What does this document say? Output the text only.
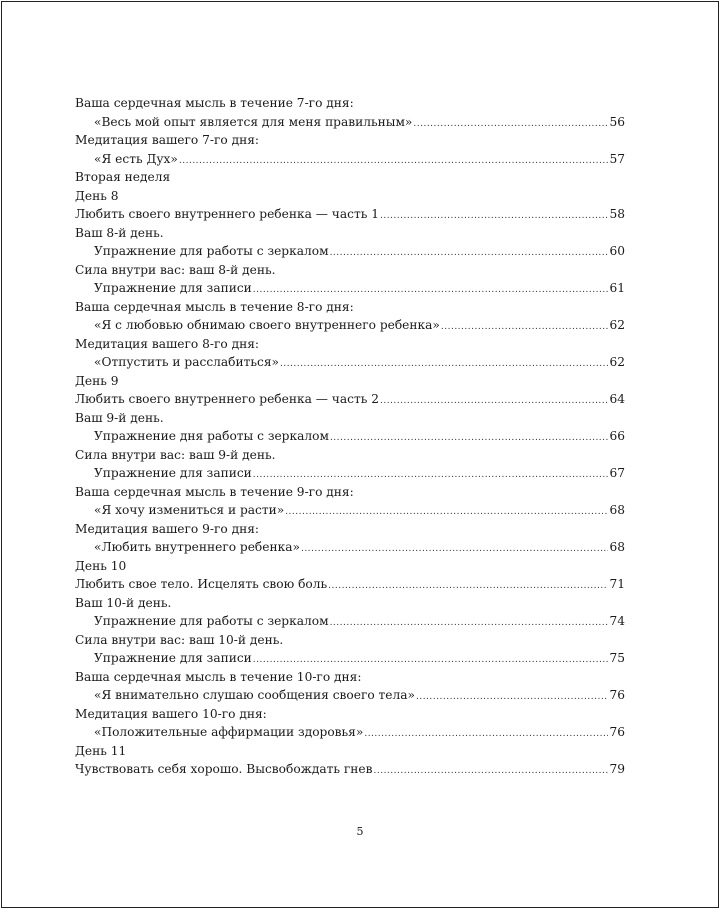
Ваша сердечная мысль в течение 7-го дня:
«Весь мой опыт является для меня правильным» .....	56
Медитация вашего 7-го дня:
«Я есть Дух» .....	57
Вторая неделя
День 8
Любить своего внутреннего ребенка — часть 1 .....	58
Ваш 8-й день.
Упражнение для работы с зеркалом .....	60
Сила внутри вас: ваш 8-й день.
Упражнение для записи .....	61
Ваша сердечная мысль в течение 8-го дня:
«Я с любовью обнимаю своего внутреннего ребенка» .....	62
Медитация вашего 8-го дня:
«Отпустить и расслабиться» .....	62
День 9
Любить своего внутреннего ребенка — часть 2 .....	64
Ваш 9-й день.
Упражнение дня работы с зеркалом .....	66
Сила внутри вас: ваш 9-й день.
Упражнение для записи .....	67
Ваша сердечная мысль в течение 9-го дня:
«Я хочу измениться и расти» .....	68
Медитация вашего 9-го дня:
«Любить внутреннего ребенка» .....	68
День 10
Любить свое тело. Исцелять свою боль .....	71
Ваш 10-й день.
Упражнение для работы с зеркалом .....	74
Сила внутри вас: ваш 10-й день.
Упражнение для записи .....	75
Ваша сердечная мысль в течение 10-го дня:
«Я внимательно слушаю сообщения своего тела» .....	76
Медитация вашего 10-го дня:
«Положительные аффирмации здоровья» .....	76
День 11
Чувствовать себя хорошо. Высвобождать гнев .....	79
5
